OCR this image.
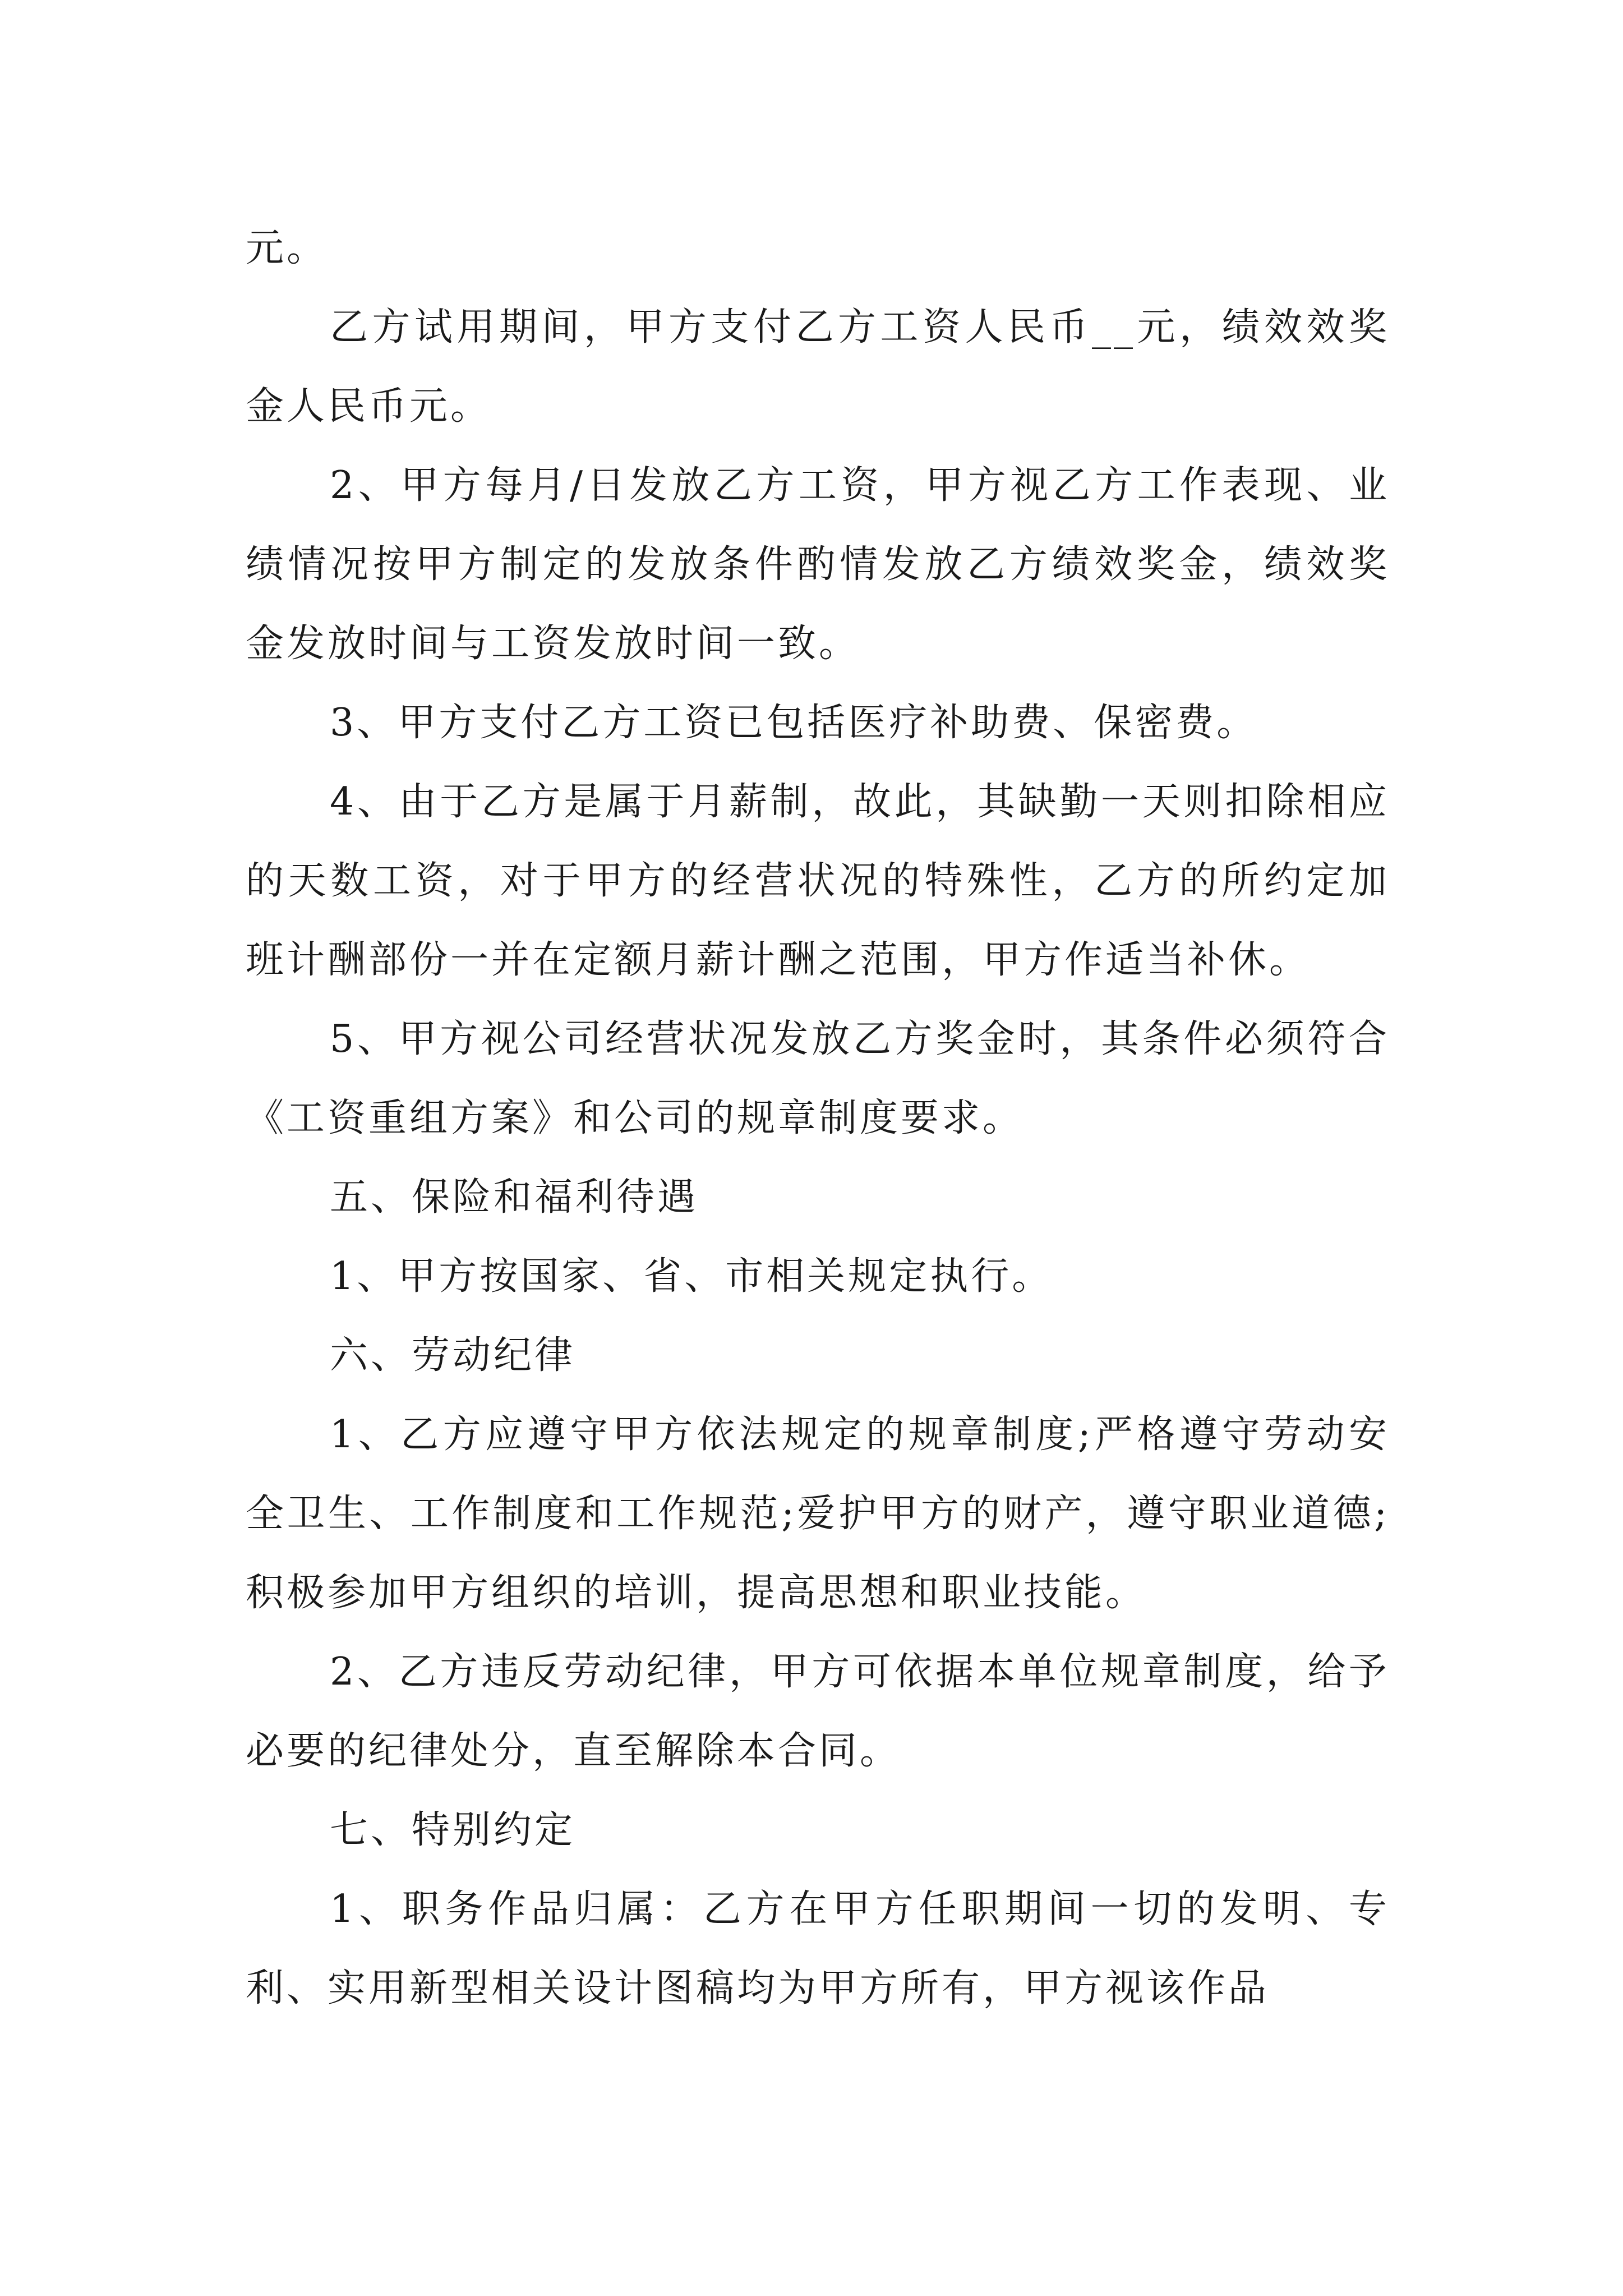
元。

乙方试用期间，甲方支付乙方工资人民币__元，绩效效奖金人民币元。

2、甲方每月/日发放乙方工资，甲方视乙方工作表现、业绩情况按甲方制定的发放条件酌情发放乙方绩效奖金，绩效奖金发放时间与工资发放时间一致。

3、甲方支付乙方工资已包括医疗补助费、保密费。

4、由于乙方是属于月薪制，故此，其缺勤一天则扣除相应的天数工资，对于甲方的经营状况的特殊性，乙方的所约定加班计酬部份一并在定额月薪计酬之范围，甲方作适当补休。

5、甲方视公司经营状况发放乙方奖金时，其条件必须符合《工资重组方案》和公司的规章制度要求。

五、保险和福利待遇

1、甲方按国家、省、市相关规定执行。

六、劳动纪律

1、乙方应遵守甲方依法规定的规章制度;严格遵守劳动安全卫生、工作制度和工作规范;爱护甲方的财产，遵守职业道德;积极参加甲方组织的培训，提高思想和职业技能。

2、乙方违反劳动纪律，甲方可依据本单位规章制度，给予必要的纪律处分，直至解除本合同。

七、特别约定

1、职务作品归属：乙方在甲方任职期间一切的发明、专利、实用新型相关设计图稿均为甲方所有，甲方视该作品
